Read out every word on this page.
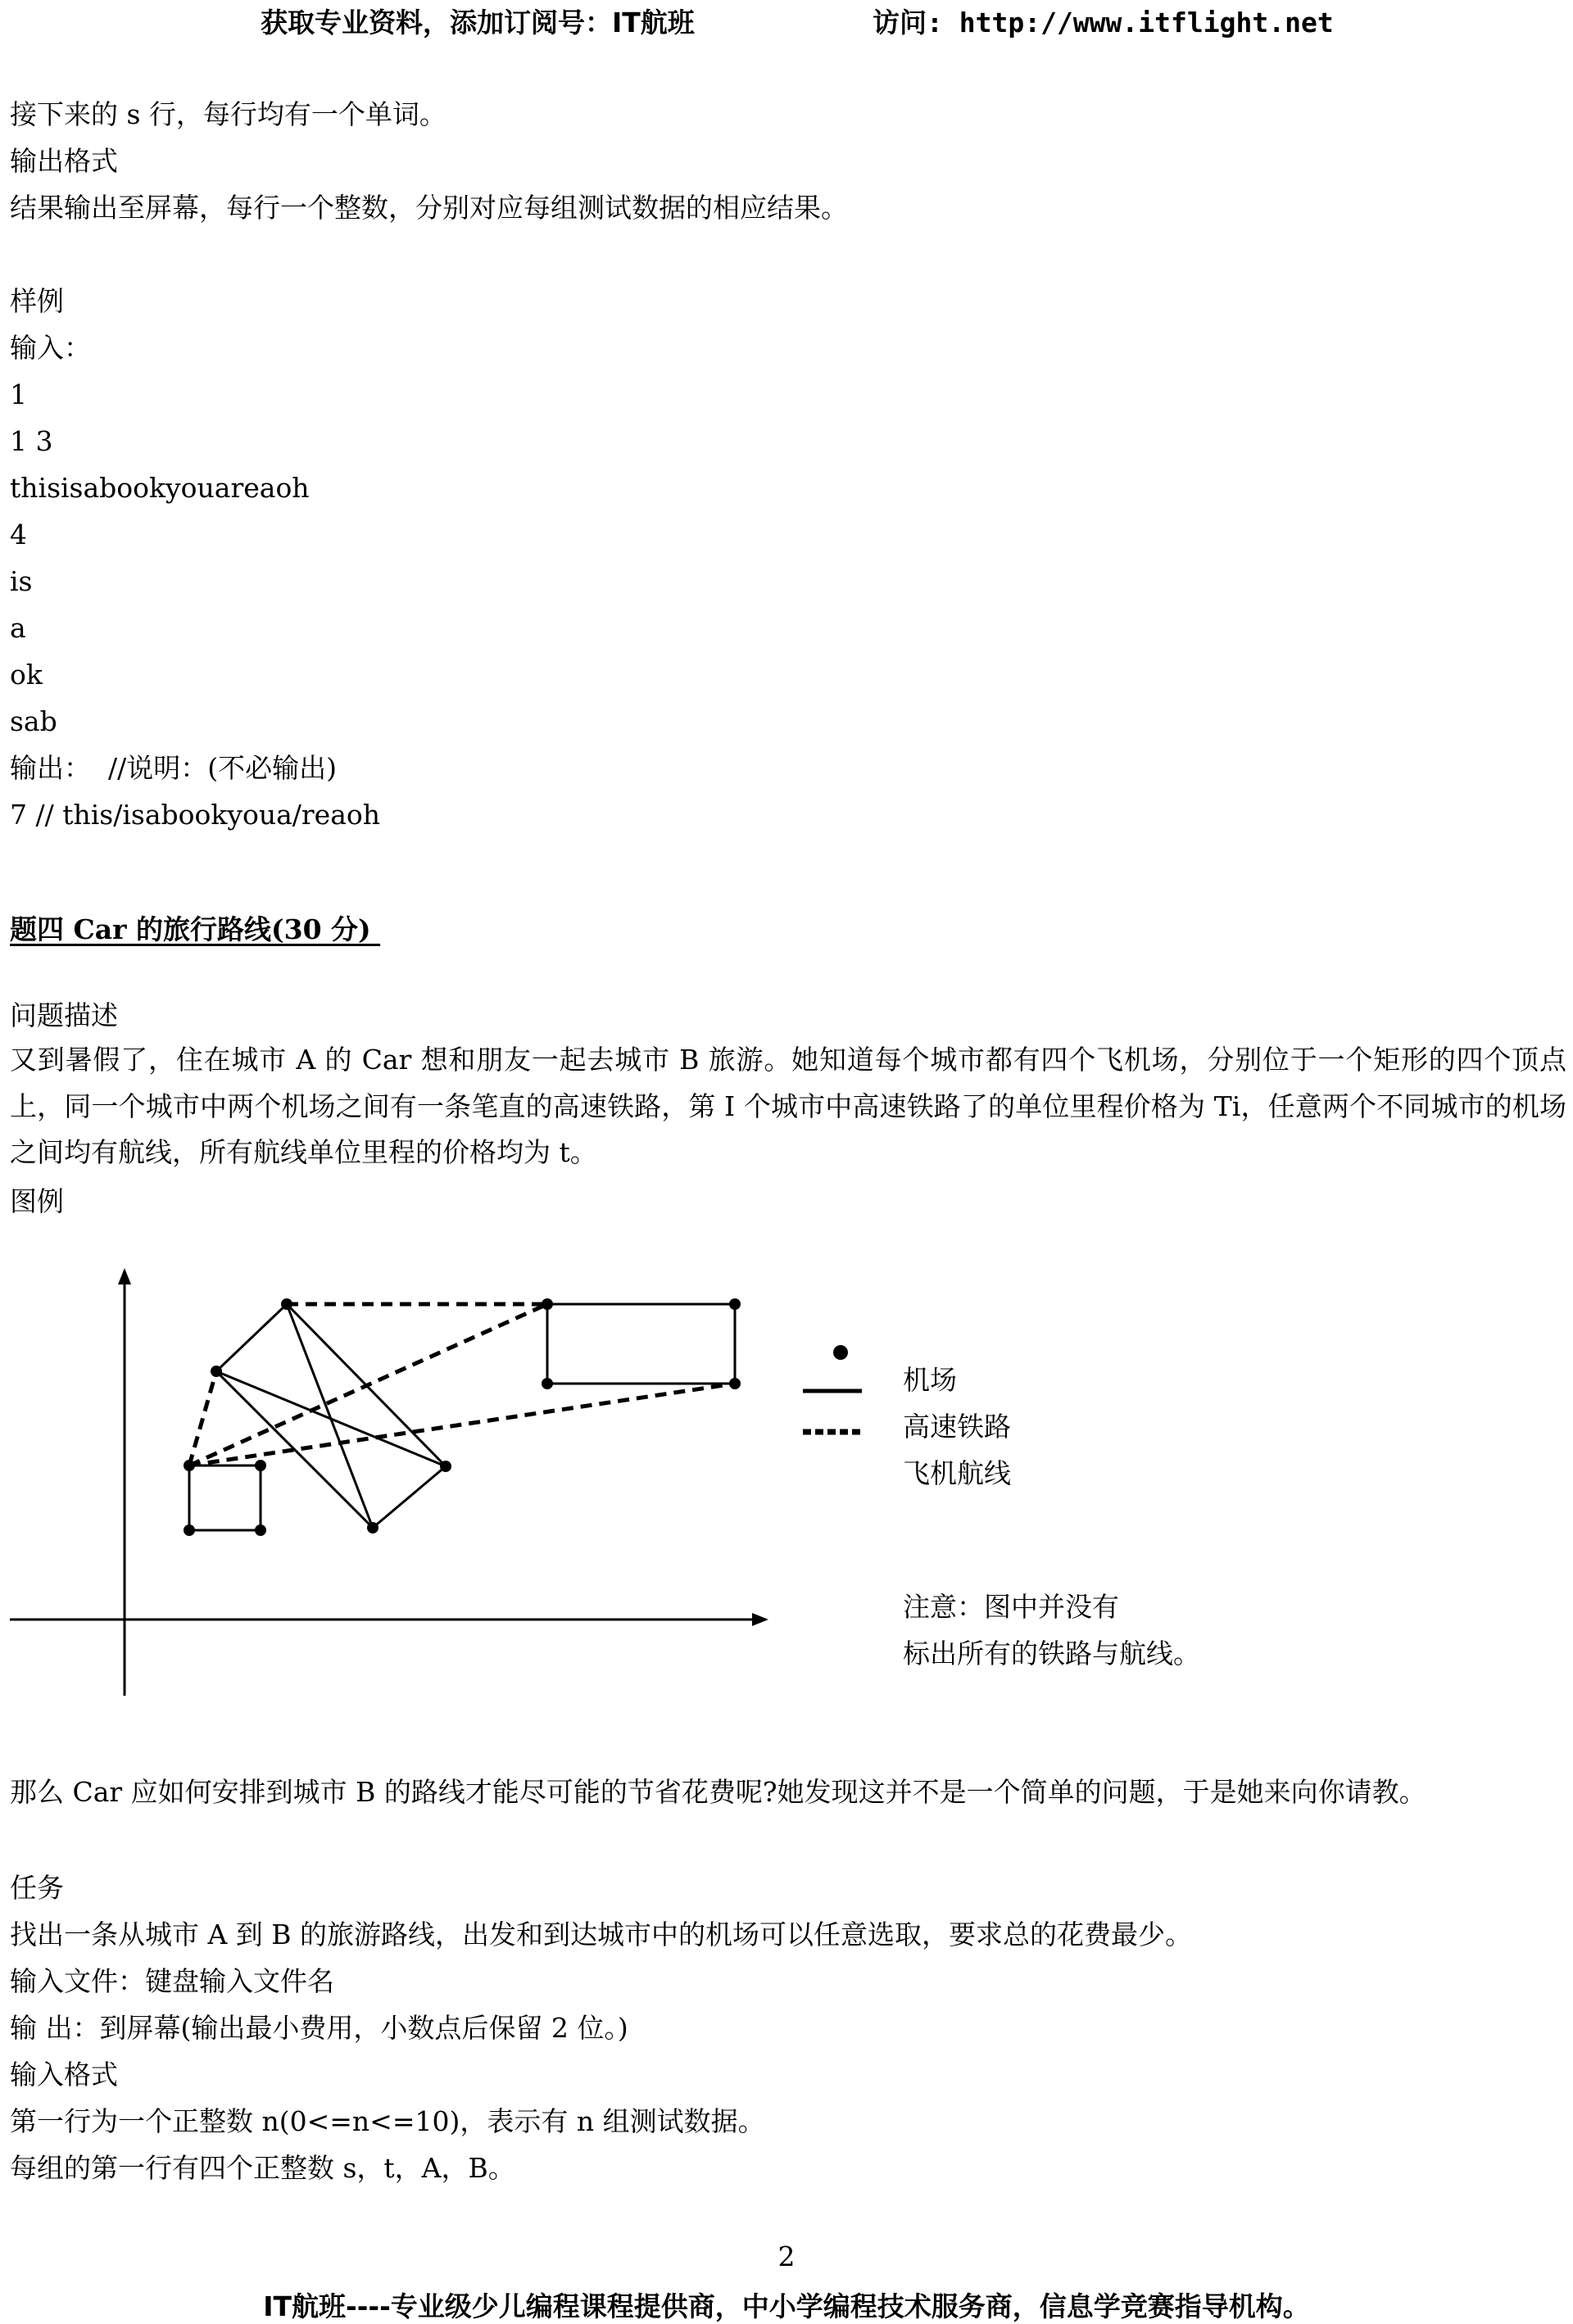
获取专业资料，添加订阅号：IT航班	访问: http://www.itflight.net
接下来的 s 行，每行均有一个单词。
输出格式
结果输出至屏幕，每行一个整数，分别对应每组测试数据的相应结果。
样例
输入：
1
1 3
thisisabookyouareaoh
4
is
a
ok
sab
输出：  //说明：(不必输出)
7 // this/isabookyoua/reaoh
题四 Car 的旅行路线(30 分)
问题描述
又到暑假了，住在城市 A 的 Car 想和朋友一起去城市 B 旅游。她知道每个城市都有四个飞机场，分别位于一个矩形的四个顶点上，同一个城市中两个机场之间有一条笔直的高速铁路，第 I 个城市中高速铁路了的单位里程价格为 Ti，任意两个不同城市的机场之间均有航线，所有航线单位里程的价格均为 t。
图例
机场
高速铁路
飞机航线
注意：图中并没有
标出所有的铁路与航线。
那么 Car 应如何安排到城市 B 的路线才能尽可能的节省花费呢?她发现这并不是一个简单的问题，于是她来向你请教。
任务
找出一条从城市 A 到 B 的旅游路线，出发和到达城市中的机场可以任意选取，要求总的花费最少。
输入文件：键盘输入文件名
输 出：到屏幕(输出最小费用，小数点后保留 2 位。)
输入格式
第一行为一个正整数 n(0<=n<=10)，表示有 n 组测试数据。
每组的第一行有四个正整数 s，t，A，B。
2
IT航班----专业级少儿编程课程提供商，中小学编程技术服务商，信息学竞赛指导机构。
